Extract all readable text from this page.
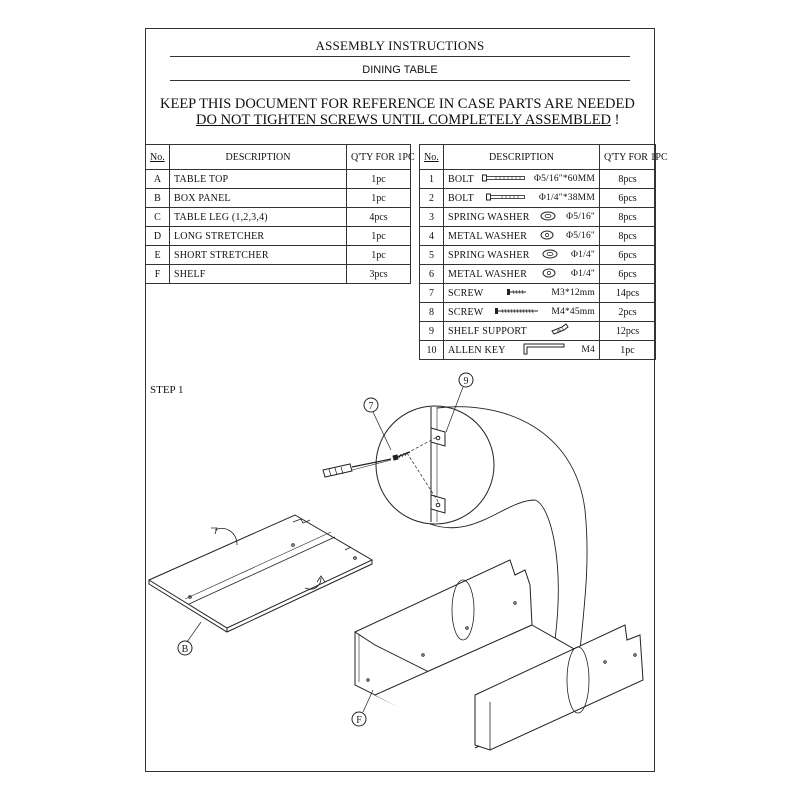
ASSEMBLY INSTRUCTIONS
DINING TABLE
KEEP THIS DOCUMENT FOR REFERENCE IN CASE PARTS ARE NEEDED
DO NOT TIGHTEN SCREWS UNTIL COMPLETELY ASSEMBLED !
No.	DESCRIPTION	Q'TY FOR 1PC
A	TABLE TOP	1pc
B	BOX PANEL	1pc
C	TABLE LEG (1,2,3,4)	4pcs
D	LONG STRETCHER	1pc
E	SHORT STRETCHER	1pc
F	SHELF	3pcs
No.	DESCRIPTION	Q'TY FOR 1PC
1	BOLT Φ5/16"*60MM	8pcs
2	BOLT Φ1/4"*38MM	6pcs
3	SPRING WASHER Φ5/16"	8pcs
4	METAL WASHER Φ5/16"	8pcs
5	SPRING WASHER Φ1/4"	6pcs
6	METAL WASHER Φ1/4"	6pcs
7	SCREW M3*12mm	14pcs
8	SCREW M4*45mm	2pcs
9	SHELF SUPPORT	12pcs
10	ALLEN KEY M4	1pc
STEP 1
7
9
B
F
